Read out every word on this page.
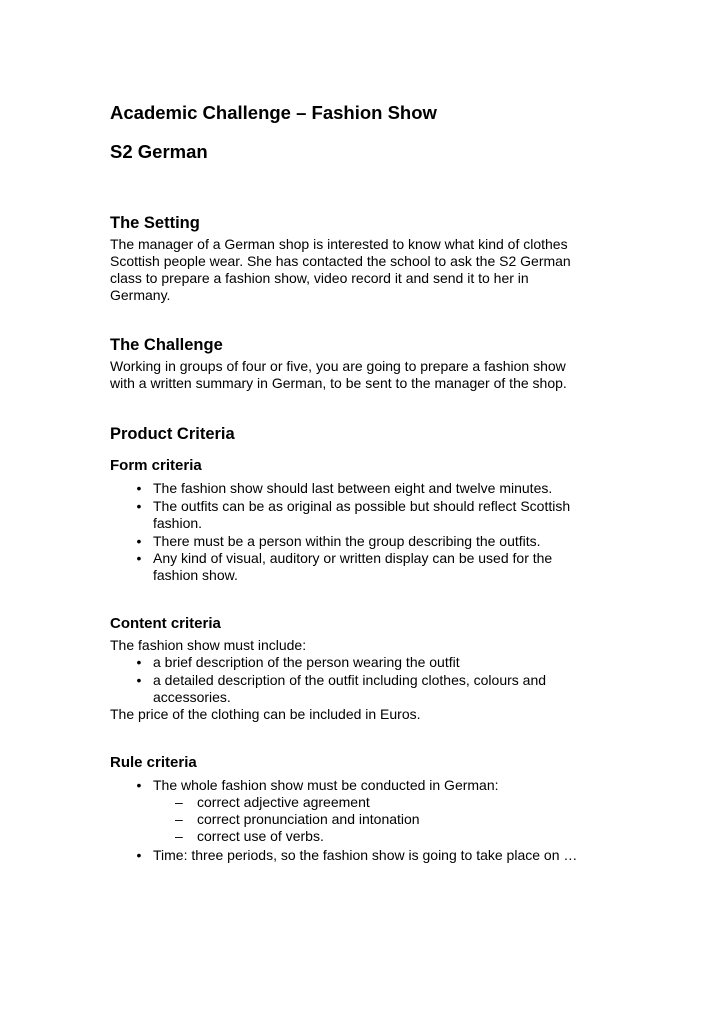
Academic Challenge – Fashion Show
S2 German
The Setting
The manager of a German shop is interested to know what kind of clothes
Scottish people wear. She has contacted the school to ask the S2 German
class to prepare a fashion show, video record it and send it to her in
Germany.
The Challenge
Working in groups of four or five, you are going to prepare a fashion show
with a written summary in German, to be sent to the manager of the shop.
Product Criteria
Form criteria
• The fashion show should last between eight and twelve minutes.
• The outfits can be as original as possible but should reflect Scottish
fashion.
• There must be a person within the group describing the outfits.
• Any kind of visual, auditory or written display can be used for the
fashion show.
Content criteria
The fashion show must include:
• a brief description of the person wearing the outfit
• a detailed description of the outfit including clothes, colours and
accessories.
The price of the clothing can be included in Euros.
Rule criteria
• The whole fashion show must be conducted in German:
– correct adjective agreement
– correct pronunciation and intonation
– correct use of verbs.
• Time: three periods, so the fashion show is going to take place on …
